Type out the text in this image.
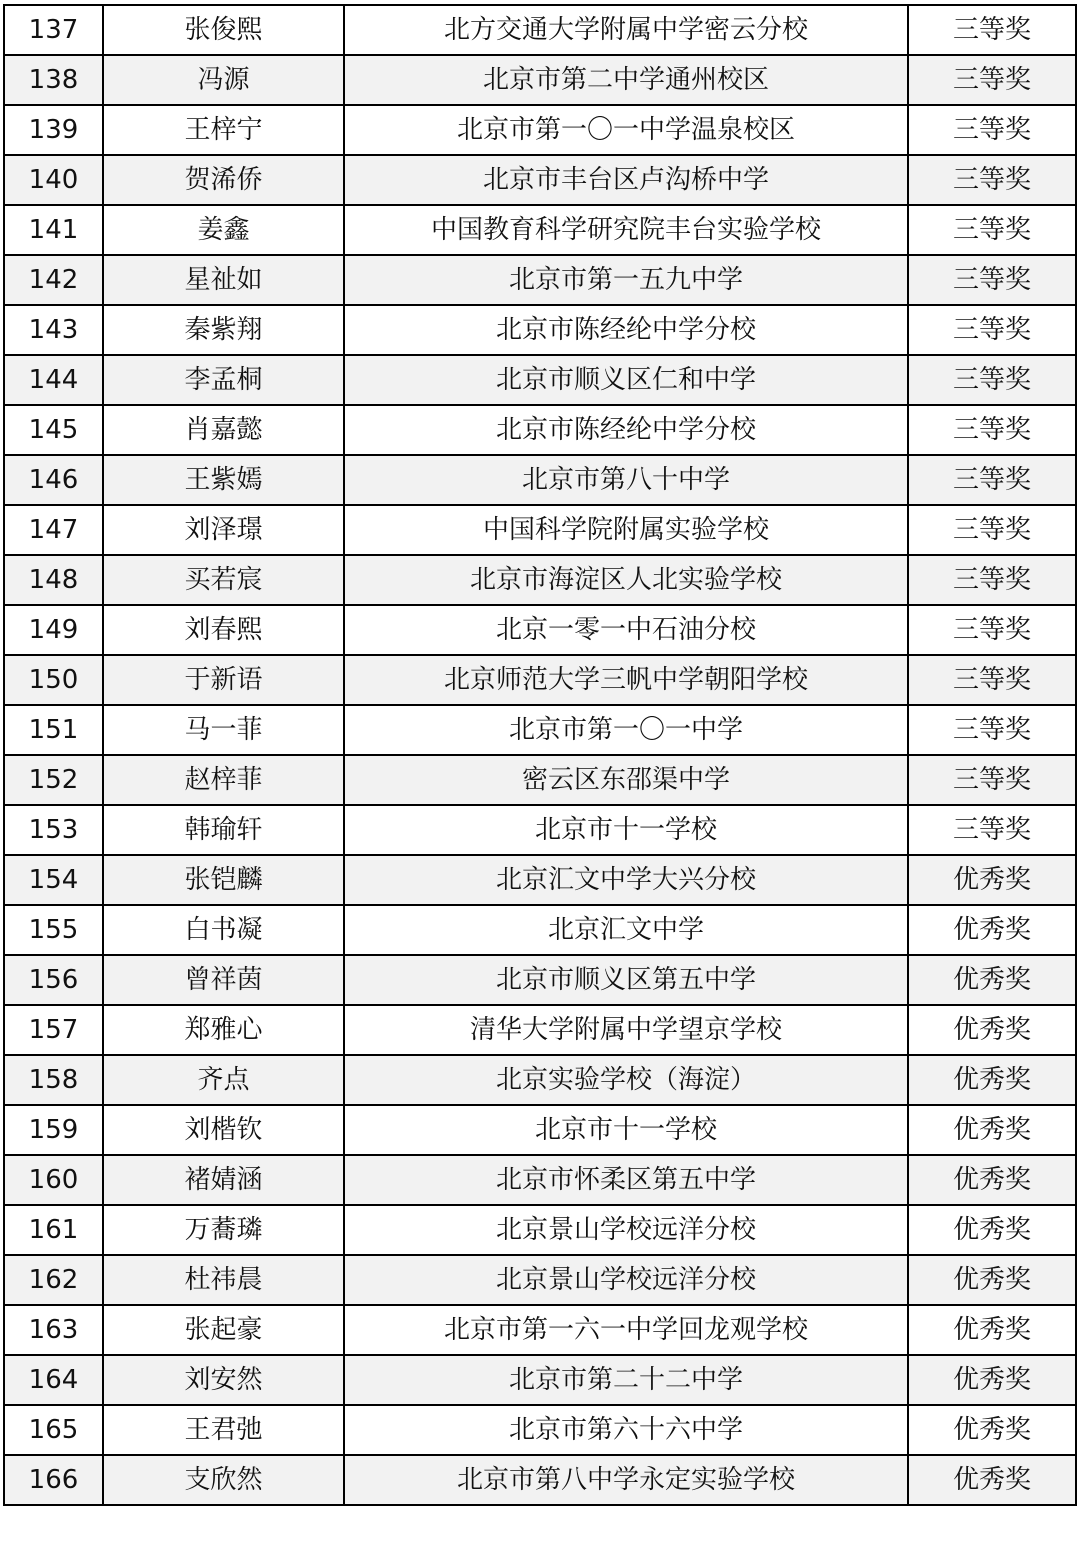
137	张俊熙	北方交通大学附属中学密云分校	三等奖
138	冯源	北京市第二中学通州校区	三等奖
139	王梓宁	北京市第一〇一中学温泉校区	三等奖
140	贺浠侨	北京市丰台区卢沟桥中学	三等奖
141	姜鑫	中国教育科学研究院丰台实验学校	三等奖
142	星祉如	北京市第一五九中学	三等奖
143	秦紫翔	北京市陈经纶中学分校	三等奖
144	李孟桐	北京市顺义区仁和中学	三等奖
145	肖嘉懿	北京市陈经纶中学分校	三等奖
146	王紫嫣	北京市第八十中学	三等奖
147	刘泽璟	中国科学院附属实验学校	三等奖
148	买若宸	北京市海淀区人北实验学校	三等奖
149	刘春熙	北京一零一中石油分校	三等奖
150	于新语	北京师范大学三帆中学朝阳学校	三等奖
151	马一菲	北京市第一〇一中学	三等奖
152	赵梓菲	密云区东邵渠中学	三等奖
153	韩瑜轩	北京市十一学校	三等奖
154	张铠麟	北京汇文中学大兴分校	优秀奖
155	白书凝	北京汇文中学	优秀奖
156	曾祥茵	北京市顺义区第五中学	优秀奖
157	郑雅心	清华大学附属中学望京学校	优秀奖
158	齐点	北京实验学校（海淀）	优秀奖
159	刘楷钦	北京市十一学校	优秀奖
160	褚婧涵	北京市怀柔区第五中学	优秀奖
161	万蕎璘	北京景山学校远洋分校	优秀奖
162	杜祎晨	北京景山学校远洋分校	优秀奖
163	张起豪	北京市第一六一中学回龙观学校	优秀奖
164	刘安然	北京市第二十二中学	优秀奖
165	王君弛	北京市第六十六中学	优秀奖
166	支欣然	北京市第八中学永定实验学校	优秀奖
